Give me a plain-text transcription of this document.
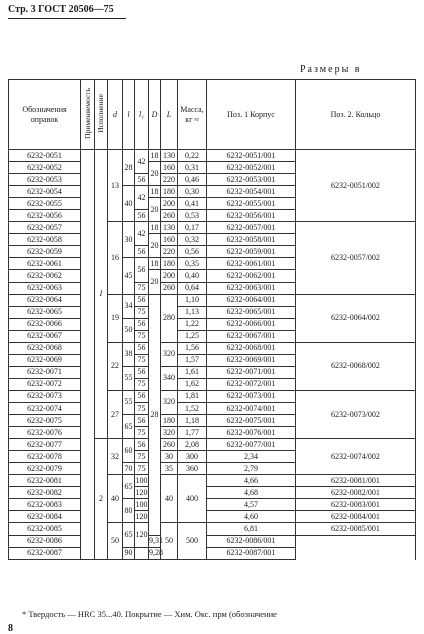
Стр. 3 ГОСТ 20506—75
Размеры в
Обозначения оправок	Применяемость	Исполнение	d	l	l₁	D	L	Масса, кг ≈	Поз. 1 Корпус	Поз. 2. Кольцо	
6232-0051		I	13	28	42	18	130	0,22	6232-0051/001	6232-0051/002	
6232-0052						20	160	0,31	6232-0052/001		
6232-0053					56		220	0,46	6232-0053/001		
6232-0054				40	42	18	180	0,30	6232-0054/001		
6232-0055						20	200	0,41	6232-0055/001		
6232-0056					56		260	0,53	6232-0056/001		
6232-0057			16	30	42	18	130	0,17	6232-0057/001	6232-0057/002	
6232-0058						20	160	0,32	6232-0058/001		
6232-0059					56		220	0,56	6232-0059/001		
6232-0061				45	56	18	180	0,35	6232-0061/001		
6232-0062						20	200	0,40	6232-0062/001		
6232-0063					75		260	0,64	6232-0063/001		
6232-0064			19	34	56	28	280	1,10	6232-0064/001	6232-0064/002	
6232-0065					75			1,13	6232-0065/001		
6232-0066				50	56			1,22	6232-0066/001		
6232-0067					75			1,25	6232-0067/001		
6232-0068			22	38	56		320	1,56	6232-0068/001	6232-0068/002	
6232-0069					75			1,57	6232-0069/001		
6232-0071				55	56		340	1,61	6232-0071/001		
6232-0072					75			1,62	6232-0072/001		
6232-0073			27	55	56		320	1,81	6232-0073/001	6232-0073/002	
6232-0074					75			1,52	6232-0074/001		
6232-0075				65	56		180	1,18	6232-0075/001		
6232-0076					75		320	1,77	6232-0076/001		
6232-0077		2	32	60	56		260	2,08	6232-0077/001	6232-0074/002	
6232-0078					75		30	300	2,34	
6232-0079				70	75		35	360	2,79	
6232-0081			40	65	100		40	400	4,66	6232-0081/001	
6232-0082					120				4,68	6232-0082/001	
6232-0083				80	100				4,57	6232-0083/001	
6232-0084					120				4,60	6232-0084/001	
6232-0085			50	65	120		50	500	6,81	6232-0085/001	
6232-0086						9,31			6232-0086/001		
6232-0087				90		9,28			6232-0087/001		
* Твердость — HRC 35...40. Покрытие — Хим. Окс. прм (обозначение
8
